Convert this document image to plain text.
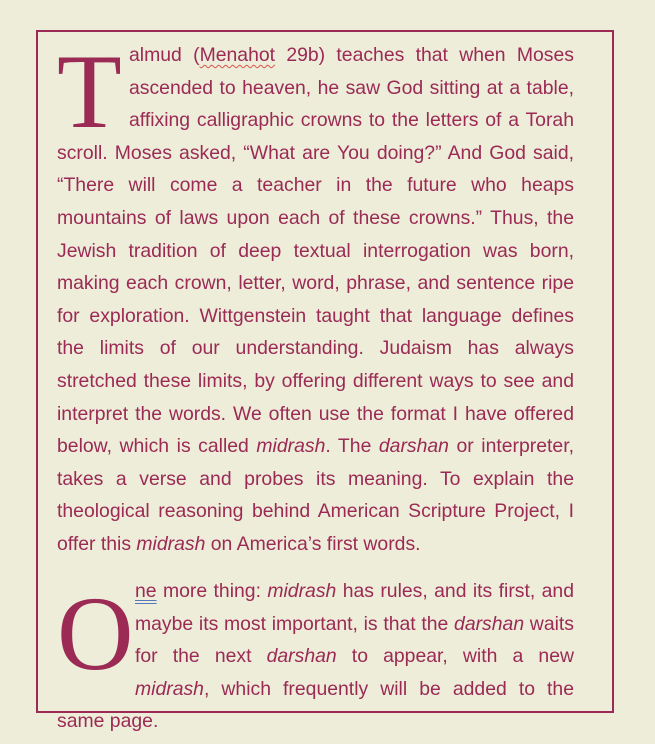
Talmud (Menahot 29b) teaches that when Moses ascended to heaven, he saw God sitting at a table, affixing calligraphic crowns to the letters of a Torah scroll. Moses asked, “What are You doing?” And God said, “There will come a teacher in the future who heaps mountains of laws upon each of these crowns.” Thus, the Jewish tradition of deep textual interrogation was born, making each crown, letter, word, phrase, and sentence ripe for exploration. Wittgenstein taught that language defines the limits of our understanding. Judaism has always stretched these limits, by offering different ways to see and interpret the words. We often use the format I have offered below, which is called midrash. The darshan or interpreter, takes a verse and probes its meaning. To explain the theological reasoning behind American Scripture Project, I offer this midrash on America’s first words.
One more thing: midrash has rules, and its first, and maybe its most important, is that the darshan waits for the next darshan to appear, with a new midrash, which frequently will be added to the same page.
